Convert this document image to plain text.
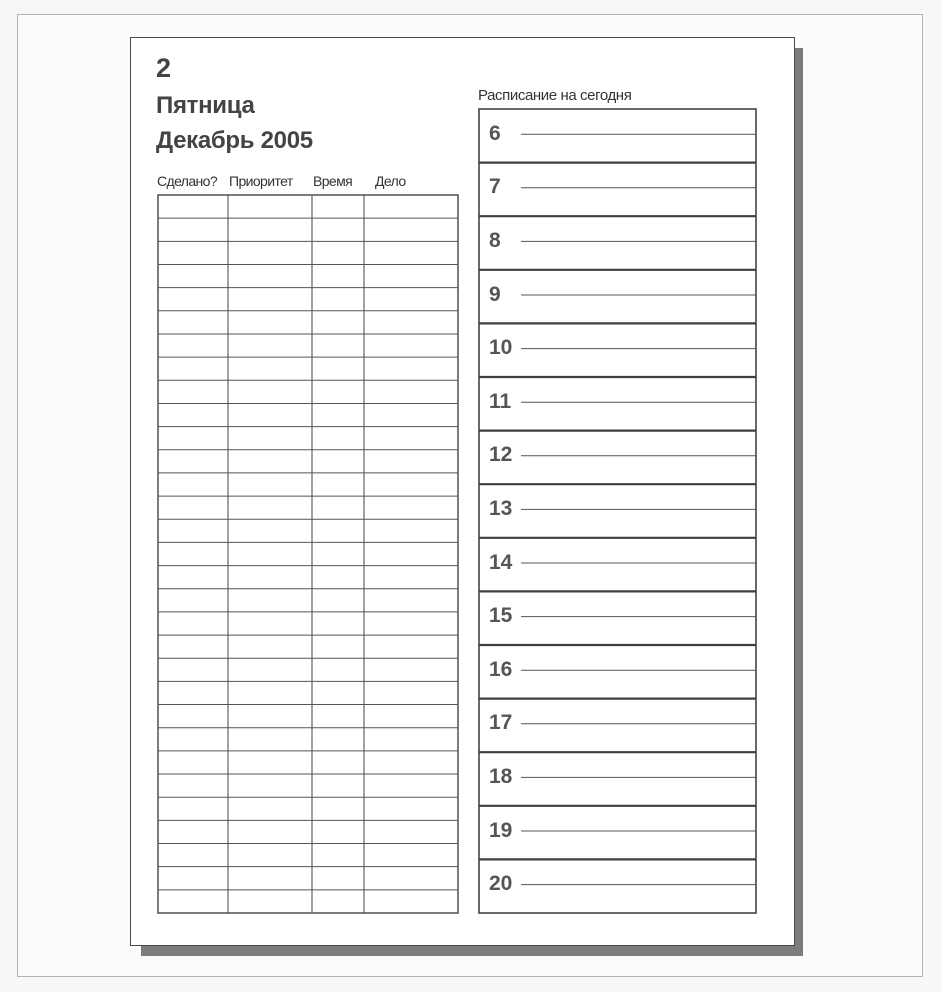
2
Пятница
Декабрь 2005
Сделано? Приоритет Время Дело
Расписание на сегодня
6
7
8
9
10
11
12
13
14
15
16
17
18
19
20
